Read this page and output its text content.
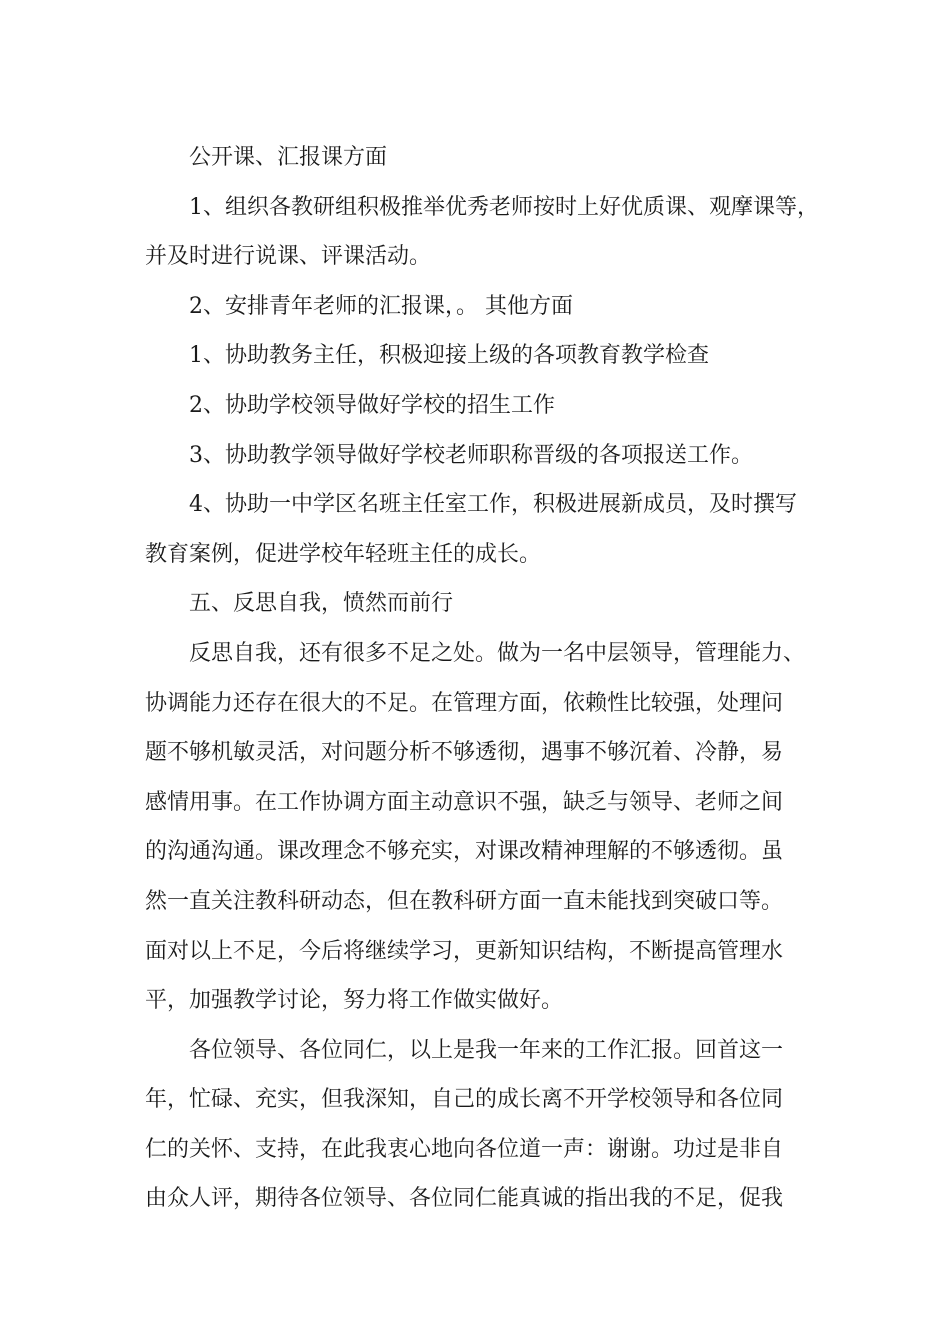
公开课、汇报课方面
1、组织各教研组积极推举优秀老师按时上好优质课、观摩课等，
并及时进行说课、评课活动。
2、安排青年老师的汇报课，。 其他方面
1、协助教务主任，积极迎接上级的各项教育教学检查
2、协助学校领导做好学校的招生工作
3、协助教学领导做好学校老师职称晋级的各项报送工作。
4、协助一中学区名班主任室工作，积极进展新成员，及时撰写
教育案例，促进学校年轻班主任的成长。
五、反思自我，愤然而前行
反思自我，还有很多不足之处。做为一名中层领导，管理能力、
协调能力还存在很大的不足。在管理方面，依赖性比较强，处理问
题不够机敏灵活，对问题分析不够透彻，遇事不够沉着、冷静，易
感情用事。在工作协调方面主动意识不强，缺乏与领导、老师之间
的沟通沟通。课改理念不够充实，对课改精神理解的不够透彻。虽
然一直关注教科研动态，但在教科研方面一直未能找到突破口等。
面对以上不足，今后将继续学习，更新知识结构，不断提高管理水
平，加强教学讨论，努力将工作做实做好。
各位领导、各位同仁，以上是我一年来的工作汇报。回首这一
年，忙碌、充实，但我深知，自己的成长离不开学校领导和各位同
仁的关怀、支持，在此我衷心地向各位道一声：谢谢。功过是非自
由众人评，期待各位领导、各位同仁能真诚的指出我的不足，促我
